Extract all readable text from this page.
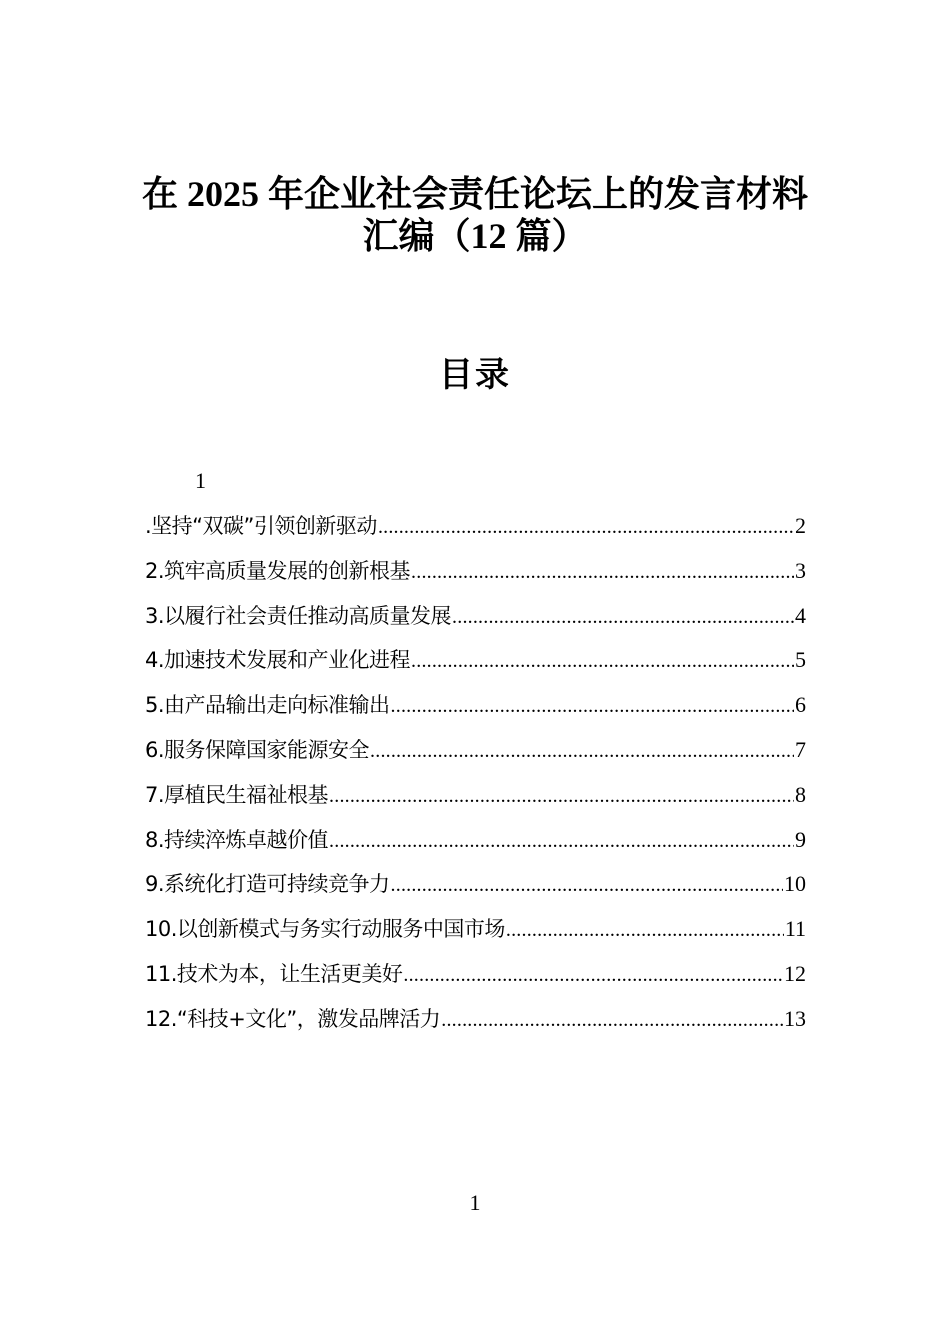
在 2025 年企业社会责任论坛上的发言材料
汇编（12 篇）
目录
1
.坚持“双碳”引领创新驱动 .....	2
2.筑牢高质量发展的创新根基 .....	3
3.以履行社会责任推动高质量发展 .....	4
4.加速技术发展和产业化进程 .....	5
5.由产品输出走向标准输出 .....	6
6.服务保障国家能源安全 .....	7
7.厚植民生福祉根基 .....	8
8.持续淬炼卓越价值 .....	9
9.系统化打造可持续竞争力 .....	10
10.以创新模式与务实行动服务中国市场 .....	11
11.技术为本，让生活更美好 .....	12
12.“科技+文化”，激发品牌活力 .....	13
1
